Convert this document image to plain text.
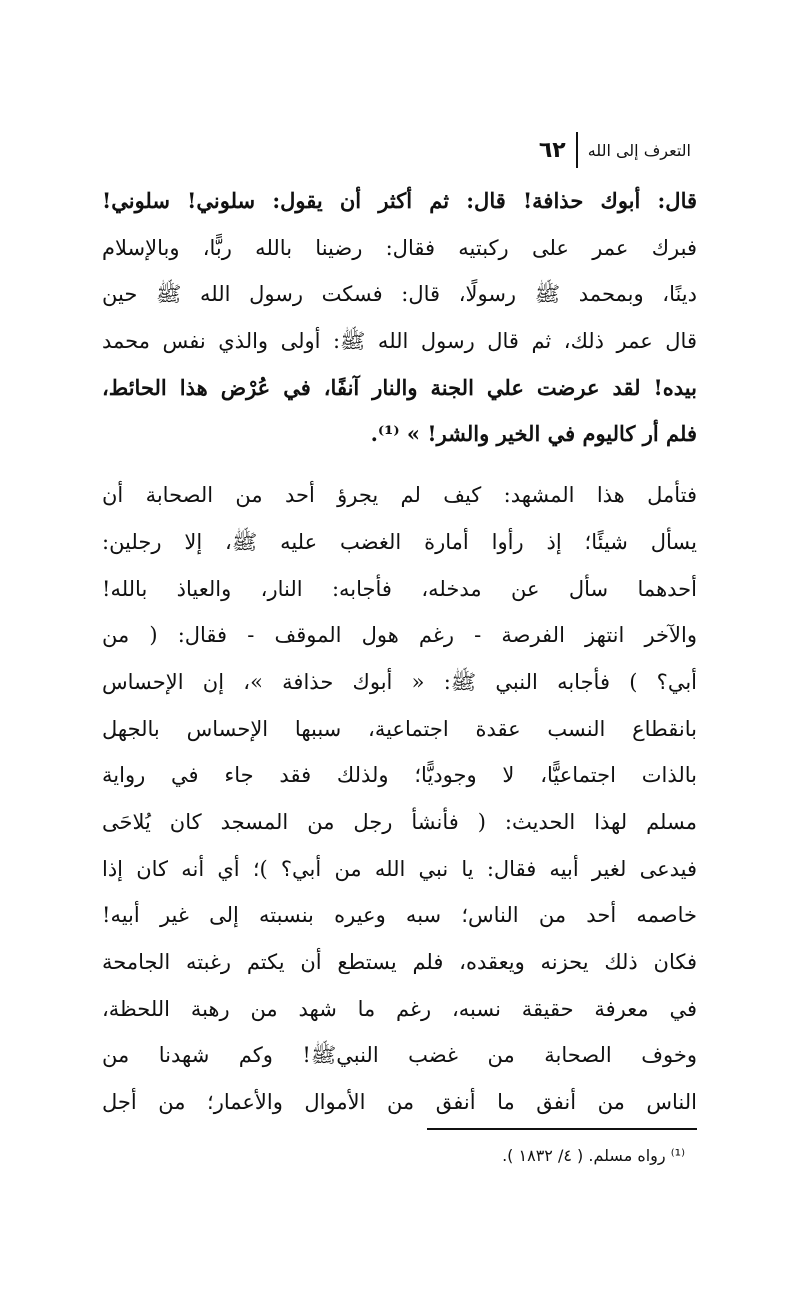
٦٢ التعرف إلى الله
قال: أبوك حذافة! قال: ثم أكثر أن يقول: سلوني! سلوني!
فبرك عمر على ركبتيه فقال: رضينا بالله ربًّا، وبالإسلام
دينًا، وبمحمد ﷺ رسولًا، قال: فسكت رسول الله ﷺ حين
قال عمر ذلك، ثم قال رسول الله ﷺ: أولى والذي نفس محمد
بيده! لقد عرضت علي الجنة والنار آنفًا، في عُرْض هذا الحائط،
فلم أر كاليوم في الخير والشر! » ⁽¹⁾.
فتأمل هذا المشهد: كيف لم يجرؤ أحد من الصحابة أن
يسأل شيئًا؛ إذ رأوا أمارة الغضب عليه ﷺ، إلا رجلين:
أحدهما سأل عن مدخله، فأجابه: النار، والعياذ بالله!
والآخر انتهز الفرصة - رغم هول الموقف - فقال: ( من
أبي؟ ) فأجابه النبي ﷺ: « أبوك حذافة »، إن الإحساس
بانقطاع النسب عقدة اجتماعية، سببها الإحساس بالجهل
بالذات اجتماعيًّا، لا وجوديًّا؛ ولذلك فقد جاء في رواية
مسلم لهذا الحديث: ( فأنشأ رجل من المسجد كان يُلاحَى
فيدعى لغير أبيه فقال: يا نبي الله من أبي؟ )؛ أي أنه كان إذا
خاصمه أحد من الناس؛ سبه وعيره بنسبته إلى غير أبيه!
فكان ذلك يحزنه ويعقده، فلم يستطع أن يكتم رغبته الجامحة
في معرفة حقيقة نسبه، رغم ما شهد من رهبة اللحظة،
وخوف الصحابة من غضب النبيﷺ! وكم شهدنا من
الناس من أنفق ما أنفق من الأموال والأعمار؛ من أجل
⁽¹⁾ رواه مسلم. ( ٤/ ١٨٣٢ ).
